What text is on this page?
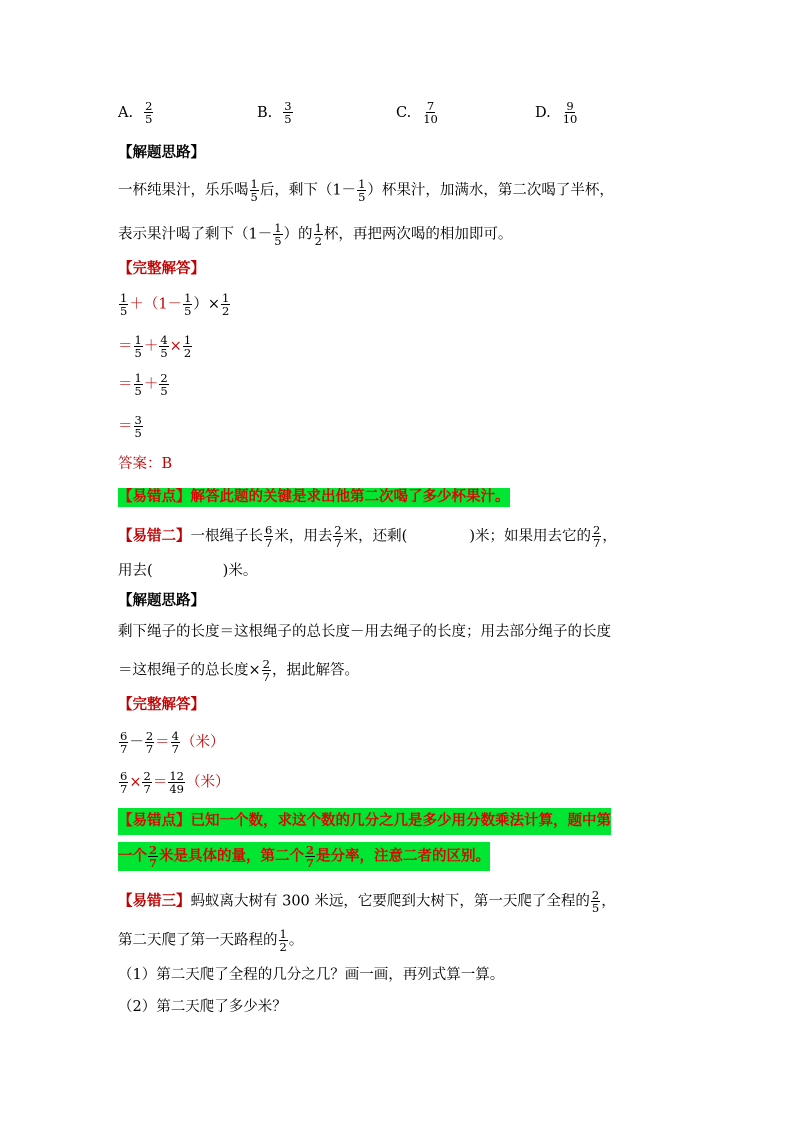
A. $\frac{2}{5}$	B. $\frac{3}{5}$	C. $\frac{7}{10}$	D. $\frac{9}{10}$
【解题思路】
一杯纯果汁，乐乐喝 $\frac{1}{5}$ 后，剩下（$1- \frac{1}{5}$ ）杯果汁，加满水，第二次喝了半杯，
表示果汁喝了剩下（$1- \frac{1}{5}$ ）的 $\frac{1}{2}$ 杯，再把两次喝的相加即可。
【完整解答】
$\frac{1}{5} +(1- \frac{1}{5}$ ）× $\frac{1}{2}$
＝ $\frac{1}{5} + \frac{4}{5} \times \frac{1}{2}$
＝ $\frac{1}{5} + \frac{2}{5}$
＝ $\frac{3}{5}$
答案：B
【易错点】解答此题的关键是求出他第二次喝了多少杯果汁。
【易错二】一根绳子长 $\frac{6}{7}$ 米，用去 $\frac{2}{7}$ 米，还剩(	)米；如果用去它的 $\frac{2}{7}$ ，
用去(	)米。
【解题思路】
剩下绳子的长度＝这根绳子的总长度－用去绳子的长度；用去部分绳子的长度
＝这根绳子的总长度× $\frac{2}{7}$ ，据此解答。
【完整解答】
$\frac{6}{7} - \frac{2}{7} = \frac{4}{7}$ （米）
$\frac{6}{7} \times \frac{2}{7} = \frac{12}{49}$ （米）
【易错点】已知一个数，求这个数的几分之几是多少用分数乘法计算，题中第
一个 $\frac{2}{7}$ 米是具体的量，第二个 $\frac{2}{7}$ 是分率，注意二者的区别。
【易错三】蚂蚁离大树有 300 米远，它要爬到大树下，第一天爬了全程的 $\frac{2}{5}$ ，
第二天爬了第一天路程的 $\frac{1}{2}$ 。
（1）第二天爬了全程的几分之几？画一画，再列式算一算。
（2）第二天爬了多少米？
